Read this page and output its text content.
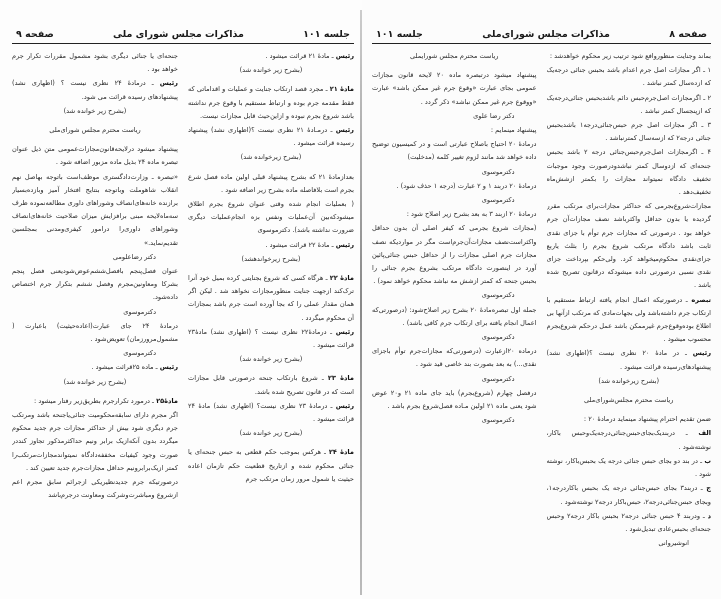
جلسه ۱۰۱
مذاکرات مجلس شورای ملی
صفحه ۹

رئیس ـ مادهٔ ۲۱ قرائت میشود .

(بشرح زیر خوانده شد)

مادهٔ ۲۱ ـ مجرد قصد ارتکاب جنایت و عملیات و اقداماتی که فقط مقدمه جرم بوده و ارتباط مستقیم با وقوع جرم نداشته باشد شروع بجرم نبوده و ازاین‌حیث قابل مجازات نیست.

رئیس ـ درمـادهٔ ۲۱ نظری نیست ؟(اظهاری نشد) پیشنهاد رسیده قرائت میشود .

(بشرح زیرخوانده شد)

بعدازمادهٔ ۲۱ که بشرح پیشنهاد قبلی اولین ماده فصل شرع بجرم است بلافاصله ماده بشرح زیر اضافه شود .

( بعملیات انجام شده وقتی عنوان شروع بجرم اطلاق میشودکه‌بین آن‌عملیات ونفس بزه انجام‌عملیات دیگری ضرورت نداشته باشد). دکترموسوی

رئیس ـ مادهٔ ۲۲ قرائت میشود .

(بشرح زیرخواندهشد)

مادهٔ ۲۲ ـ هرگاه کسی که شروع بجنایتی کرده بمیل خود آنرا ترک‌کند ازجهت جنایت منظورمجازات نخواهد شد . لیکن اگر همان مقدار عملی را که بجا آورده است جرم باشد بمجازات آن محکوم میگردد .

رئیس ـ درمادهٔ۲۲ نظری نیست ؟ (اظهاری نشد) مادهٔ۲۳ قرائت میشود .

(بشرح زیر خوانده شد)

مادهٔ ۲۳ ـ شروع بارتکاب جنحه درصورتی قابل مجازات است که در قانون تصریح شده باشد.

رئیس ـ درمادهٔ ۲۳ نظری نیست؟ (اظهاری نشد) مادهٔ ۲۴ قرائت میشود .

(بشرح زیر خوانده شد)

مادهٔ ۲۴ ـ هرکس بموجب حکم قطعی به حبس جنحه‌ای یا جنائی محکوم شده و ازتاریخ قطعیت حکم تازمان اعاده حیثیت یا شمول مرور زمان مرتکب جرم

جنحه‌ای یا جنائی دیگری بشود مشمول مقررات تکرار جرم خواهد بود .

رئیس ـ درمادهٔ ۲۴ نظری نیست ؟ (اظهاری نشد) پیشنهادهای رسیده قرائت می شود.

(بشرح زیر خوانده شد)

ریاست محترم مجلس شورای‌ملی

پیشنهاد میشود درلایحه‌قانون‌مجازات‌عمومی متن ذیل عنوان تبصره ماده ۲۴ بذیل ماده مزبور اضافه شود .

«تبصره ـ وزارت‌دادگستری موظف‌است باتوجه بهاصل نهم انقلاب شاهوملت وباتوجه بنتایج افتخار آمیز وبازده‌بسیار برازنده خانه‌های‌انصاف وشوراهای داوری مطالعه‌نموده ظرف سه‌ماه‌لایحه مبنی برافزایش میزان صلاحیت خانه‌های‌انصاف وشوراهای داوری‌را درامور کیفری‌ومدنی بمجلسین تقدیم‌نماید.»

دکتر رضاعلومی

عنوان فصل‌پنجم بافصل‌ششم‌عوض‌شود‌یعنی فصل پنجم بشرکا ومعاونین‌مجرم‌ وفصل ششم بتکرار جرم اختصاص داده‌شود.

دکترموسوی

درمادهٔ ۲۴ جای عبارت(اعاده‌حیثیت) باعبارت ( مشمول‌مرورزمان) تعویض‌شود .

دکترموسوی

رئیس ـ ماده ۲۵قرائت میشود .

(بشرح زیر خوانده شد)

مادهٔ۲۵ ـ درمورد تکرارجرم بطریق‌زیر رفتار میشود :

اگر مجرم دارای سابقه‌محکومیت جنائی‌یاجنحه باشد ومرتکب جرم دیگری شود بیش از حداکثر مجازات جرم جدید محکوم میگردد بدون آنکه‌ازیک برابر ونیم حداکثرمذکور تجاوز کنددر صورت وجود کیفیات مخففه‌دادگاه نمیتواندمجازات‌مرتکب‌را کمتر ازیک‌برابرونیم حداقل مجازات‌جرم جدید تعیین کند .

درصورتیکه جرم جدیدنظیریکی ازجرائم سابق مجرم اعم ازشروع ومباشرت‌وشرکت ومعاونت درجرم‌باشد

صفحه ۸
مذاکرات مجلس شورای‌ملی
جلسه ۱۰۱

بماند وجنایت منظوروافع شود ترتیب زیر محکوم خواهدشد :

۱ ـ اگر مجازات اصل جرم اعدام باشد بحبس جنائی درجه‌یک که ازده‌سال کمتر نباشد .

۲ ـ اگرمجازات اصل‌جرم‌حبس دائم باشدبحبس جنائی‌درجه‌یک که ازپنجسال کمتر نباشد .

۳ ـ اگر مجازات اصل جرم حبس‌جنائی‌درجه۱ باشدبحبس جنائی درجه۲ که ازسه‌سال کمترنباشد .

۴ ـ اگرمجازات اصل‌جرم‌حبس‌جنائی درجه ۲ باشد بحبس جنحه‌ای که ازدوسال کمتر نباشدودرصورت وجود موجبات تخفیف دادگاه نمیتواند مجازات را بکمتر ازشش‌ماه تخفیف‌دهد .

مجازات‌شروع‌بجرمی که حداکثر مجازات‌برای مرتکب مقرر گردیده یا بدون حداقل واکثرباشد نصف مجازات‌آن جرم خواهد بود . درصورتی که مجازات جرم توأم با جزای نقدی ثابت باشد دادگاه مرتکب شروع بجرم را بثلث یاربع جزای‌نقدی محکوم‌میخواهد کرد. ولی‌حکم بپرداخت جزای نقدی نسبی درصورتی داده میشودکه درقانون تصریح شده باشد .

تبصره ـ درصورتیکه اعمال انجام یافته ارتباط مستقیم با ارتکاب جرم داشته‌باشد ولی بجهات‌مادی که مرتکب ازآنها بی اطلاع بوده‌وقوع‌جرم غیرممکن باشد عمل درحکم شروع‌بجرم محسوب میشود .

رئیس ـ در مادهٔ ۲۰ نظری نیست ؟(اظهاری نشد) پیشنهادهای‌رسیده قرائت میشود .

(بشرح زیرخوانده شد)

ریاست محترم مجلس‌شورای‌ملی

ضمن تقدیم احترام پیشنهاد مینماید درمادهٔ ۲۰ :

الف ـ دربند‌یک‌بجای‌حبس‌جنائی‌درجه‌یک‌وحبس باکار، نوشته‌شود .

ب ـ در بند دو بجای حبس جنائی درجه یک بحبس‌باکار، نوشته شود .

ج ـ دربند۳ بجای حبس‌جنائی درجه یک بحبس باکاردرجه۱، وبجای حبس‌جنائی‌درجه۲، حبس‌باکار درجه۲ نوشته‌شود .

د ـ ودربند ۴ حبس جنائی درجه۲ بحبس باکار درجه۲ وحبس جنحه‌ای بحبس‌عادی تبدیل‌شود .

انوشیروانی

ریاست محترم مجلس شورایملی

پیشنهاد میشود درتبصره ماده ۲۰ لایحه قانون مجازات عمومی بجای عبارت «وقوع جرم غیر ممکن باشد» عبارت «ووقوع جرم غیر ممکن نباشد» ذکر گردد .

دکتر رضا علوی

پیشنهاد مینمایم :

درمادهٔ ۲۰ احتیاج باصلاح عبارتی است و در کمیسیون توضیح داده خواهد شد مانند لزوم تغییر کلمه (مدخلیت)

دکترموسوی

درمادهٔ ۲۰ دربند ۱ و ۲ عبارت (درجه ۱ حذف شود) .

دکترموسوی

درمادهٔ ۲۰ ازبند ۳ به بعد بشرح زیر اصلاح شود :

(مجازات شروع بجرمی که کیفر اصلی آن بدون حداقل واکثراست‌نصف مجازات‌آن‌جرم‌است مگر در مواردیکه نصف مجازات جرم اصلی مجازات را از حداقل حبس جنائی‌پائین آورد در اینصورت دادگاه مرتکب بشروع بجرم جنائی را بحبس جنحه که کمتر ازشش مه نباشد محکوم خواهد نمود) .

دکترموسوی

جمله اول تبصره‌مادهٔ ۲۰ بشرح زیر اصلاح‌شود: (درصورتی‌که اعمال انجام یافته برای ارتکاب جرم کافی باشد) .

دکترموسوی

درماده ۲۰ازعبارت (درصورتی‌که مجازات‌جرم توأم باجزای نقدی...) به بعد بصورت بند خاصی قید شود .

دکترموسوی

درفصل چهارم (شروع‌بجرم) باید جای ماده ۲۱ و۲۰ عوض شود یعنی ماده ۲۱ اولین مـاده فصل‌شروع بجرم باشد .

دکترموسوی
